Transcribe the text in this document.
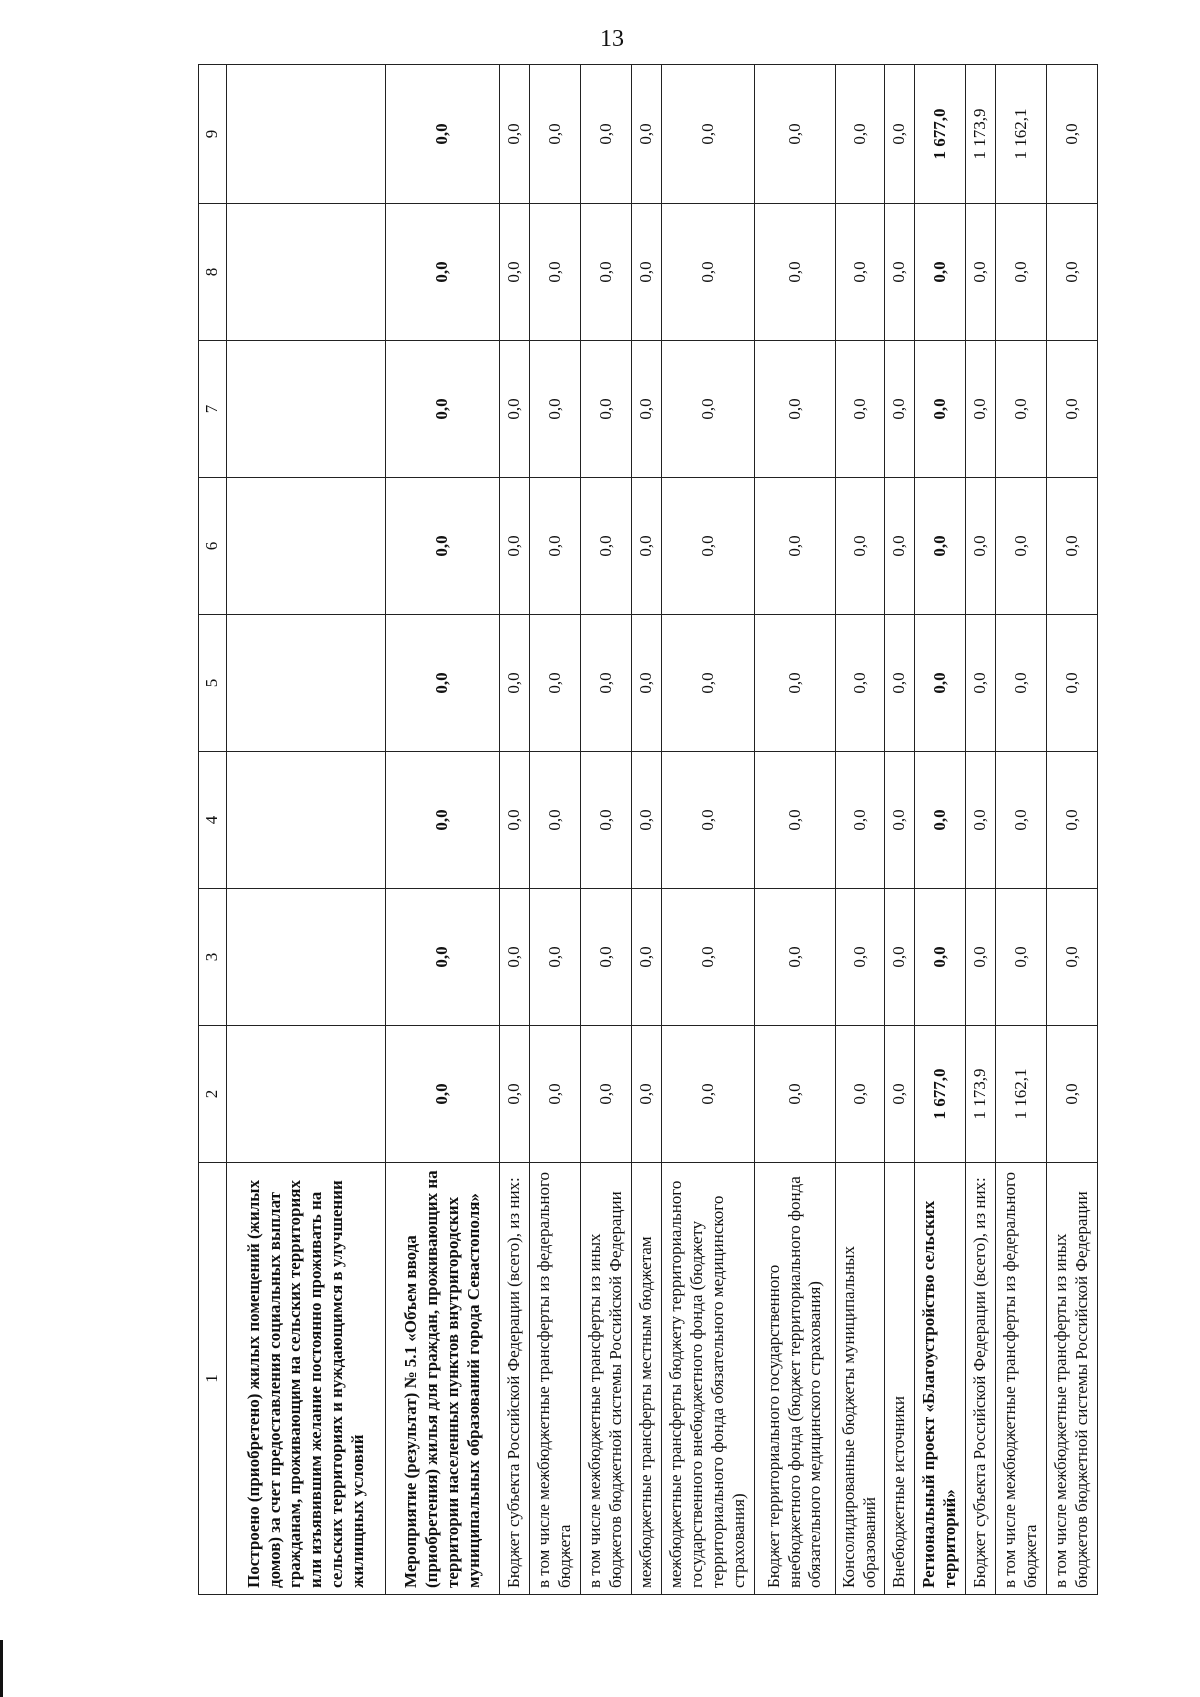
13
1	2	3	4	5	6	7	8	9
Построено (приобретено) жилых помещений (жилых домов) за счет предоставления социальных выплат гражданам, проживающим на сельских территориях или изъявившим желание постоянно проживать на сельских территориях и нуждающимся в улучшении жилищных условий								
Мероприятие (результат) № 5.1 «Объем ввода (приобретения) жилья для граждан, проживающих на территории населенных пунктов внутригородских муниципальных образований города Севастополя»	0,0	0,0	0,0	0,0	0,0	0,0	0,0	0,0
Бюджет субъекта Российской Федерации (всего), из них:	0,0	0,0	0,0	0,0	0,0	0,0	0,0	0,0
в том числе межбюджетные трансферты из федерального бюджета	0,0	0,0	0,0	0,0	0,0	0,0	0,0	0,0
в том числе межбюджетные трансферты из иных бюджетов бюджетной системы Российской Федерации	0,0	0,0	0,0	0,0	0,0	0,0	0,0	0,0
межбюджетные трансферты местным бюджетам	0,0	0,0	0,0	0,0	0,0	0,0	0,0	0,0
межбюджетные трансферты бюджету территориального государственного внебюджетного фонда (бюджету территориального фонда обязательного медицинского страхования)	0,0	0,0	0,0	0,0	0,0	0,0	0,0	0,0
Бюджет территориального государственного внебюджетного фонда (бюджет территориального фонда обязательного медицинского страхования)	0,0	0,0	0,0	0,0	0,0	0,0	0,0	0,0
Консолидированные бюджеты муниципальных образований	0,0	0,0	0,0	0,0	0,0	0,0	0,0	0,0
Внебюджетные источники	0,0	0,0	0,0	0,0	0,0	0,0	0,0	0,0
Региональный проект «Благоустройство сельских территорий»	1 677,0	0,0	0,0	0,0	0,0	0,0	0,0	1 677,0
Бюджет субъекта Российской Федерации (всего), из них:	1 173,9	0,0	0,0	0,0	0,0	0,0	0,0	1 173,9
в том числе межбюджетные трансферты из федерального бюджета	1 162,1	0,0	0,0	0,0	0,0	0,0	0,0	1 162,1
в том числе межбюджетные трансферты из иных бюджетов бюджетной системы Российской Федерации	0,0	0,0	0,0	0,0	0,0	0,0	0,0	0,0
